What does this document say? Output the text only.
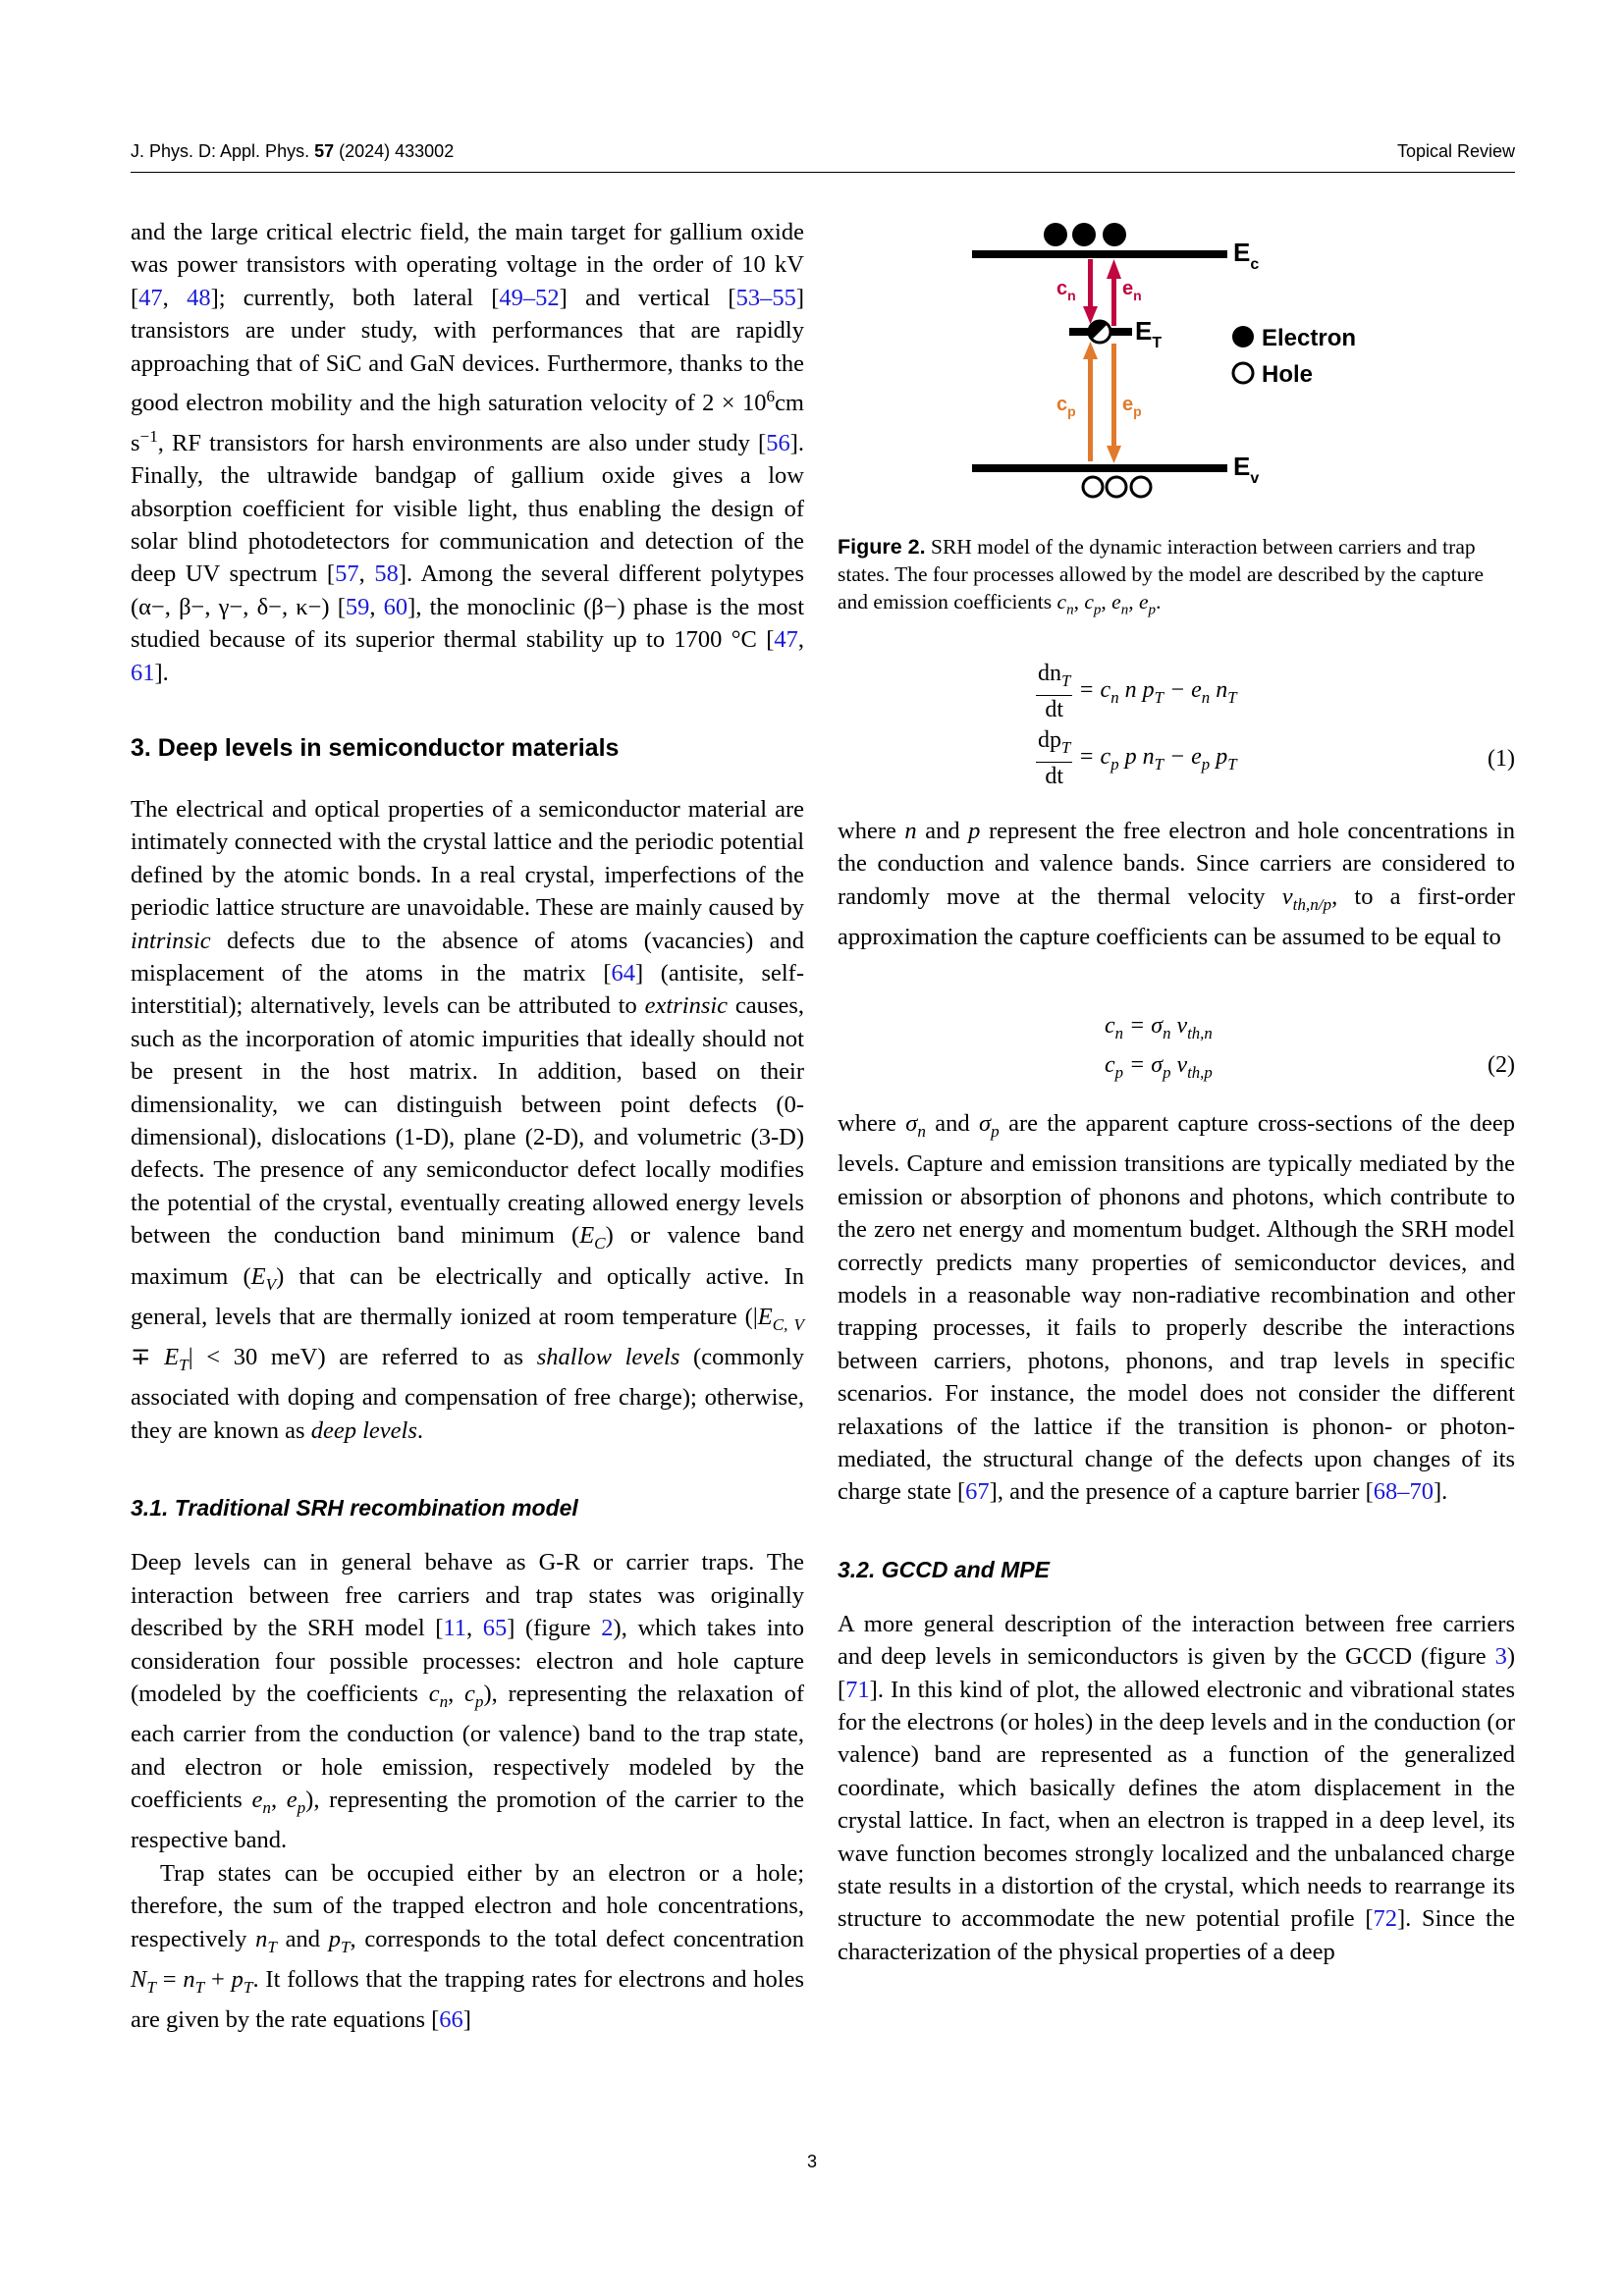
J. Phys. D: Appl. Phys. 57 (2024) 433002	Topical Review

and the large critical electric field, the main target for gallium oxide was power transistors with operating voltage in the order of 10 kV [47, 48]; currently, both lateral [49–52] and vertical [53–55] transistors are under study, with performances that are rapidly approaching that of SiC and GaN devices. Furthermore, thanks to the good electron mobility and the high saturation velocity of $2 \times 10^6cm$ $s^{-1}$, RF transistors for harsh environments are also under study [56]. Finally, the ultrawide bandgap of gallium oxide gives a low absorption coefficient for visible light, thus enabling the design of solar blind photodetectors for communication and detection of the deep UV spectrum [57, 58]. Among the several different polytypes (α−, β−, γ−, δ−, κ−) [59, 60], the monoclinic (β−) phase is the most studied because of its superior thermal stability up to 1700 °C [47, 61].

3. Deep levels in semiconductor materials

The electrical and optical properties of a semiconductor material are intimately connected with the crystal lattice and the periodic potential defined by the atomic bonds. In a real crystal, imperfections of the periodic lattice structure are unavoidable. These are mainly caused by intrinsic defects due to the absence of atoms (vacancies) and misplacement of the atoms in the matrix [64] (antisite, self-interstitial); alternatively, levels can be attributed to extrinsic causes, such as the incorporation of atomic impurities that ideally should not be present in the host matrix. In addition, based on their dimensionality, we can distinguish between point defects (0-dimensional), dislocations (1-D), plane (2-D), and volumetric (3-D) defects. The presence of any semiconductor defect locally modifies the potential of the crystal, eventually creating allowed energy levels between the conduction band minimum $(E_C)$ or valence band maximum $(E_V)$ that can be electrically and optically active. In general, levels that are thermally ionized at room temperature ($|E_{C, V} \mp E_T| < 30$ meV) are referred to as shallow levels (commonly associated with doping and compensation of free charge); otherwise, they are known as deep levels.

3.1. Traditional SRH recombination model

Deep levels can in general behave as G-R or carrier traps. The interaction between free carriers and trap states was originally described by the SRH model [11, 65] (figure 2), which takes into consideration four possible processes: electron and hole capture (modeled by the coefficients $c_n$, $c_p$), representing the relaxation of each carrier from the conduction (or valence) band to the trap state, and electron or hole emission, respectively modeled by the coefficients $e_n$, $e_p$), representing the promotion of the carrier to the respective band.

Trap states can be occupied either by an electron or a hole; therefore, the sum of the trapped electron and hole concentrations, respectively $n_T$ and $p_T$, corresponds to the total defect concentration $N_T = n_T + p_T$. It follows that the trapping rates for electrons and holes are given by the rate equations [66]

$E_c$
$c_n$ $e_n$
$E_T$
$c_p$ $e_p$
$E_v$
Electron
Hole
Figure 2. SRH model of the dynamic interaction between carriers and trap states. The four processes allowed by the model are described by the capture and emission coefficients $c_n$, $c_p$, $e_n$, $e_p$.
$\frac{dn_T}{dt} = c_n$ n $p_T - e_n$ $n_T$
$\frac{dp_T}{dt} = c_p$ p $n_T - e_p$ $p_T$	(1)

where n and p represent the free electron and hole concentrations in the conduction and valence bands. Since carriers are considered to randomly move at the thermal velocity $v_{th,n/p}$, to a first-order approximation the capture coefficients can be assumed to be equal to

$c_n = \sigma_n$ $v_{th,n}$
$c_p = \sigma_p$ $v_{th,p}$	(2)

where $\sigma_n$ and $\sigma_p$ are the apparent capture cross-sections of the deep levels. Capture and emission transitions are typically mediated by the emission or absorption of phonons and photons, which contribute to the zero net energy and momentum budget. Although the SRH model correctly predicts many properties of semiconductor devices, and models in a reasonable way non-radiative recombination and other trapping processes, it fails to properly describe the interactions between carriers, photons, phonons, and trap levels in specific scenarios. For instance, the model does not consider the different relaxations of the lattice if the transition is phonon- or photon-mediated, the structural change of the defects upon changes of its charge state [67], and the presence of a capture barrier [68–70].

3.2. GCCD and MPE

A more general description of the interaction between free carriers and deep levels in semiconductors is given by the GCCD (figure 3) [71]. In this kind of plot, the allowed electronic and vibrational states for the electrons (or holes) in the deep levels and in the conduction (or valence) band are represented as a function of the generalized coordinate, which basically defines the atom displacement in the crystal lattice. In fact, when an electron is trapped in a deep level, its wave function becomes strongly localized and the unbalanced charge state results in a distortion of the crystal, which needs to rearrange its structure to accommodate the new potential profile [72]. Since the characterization of the physical properties of a deep

3
